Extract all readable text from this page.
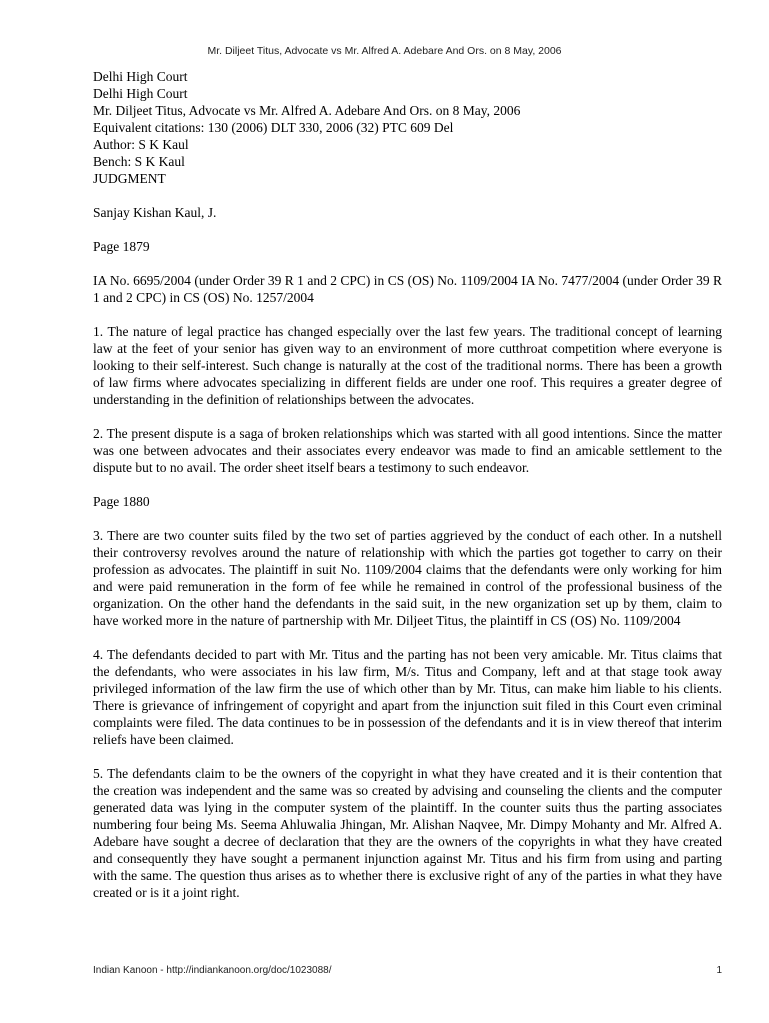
Mr. Diljeet Titus, Advocate vs Mr. Alfred A. Adebare And Ors. on 8 May, 2006
Delhi High Court
Delhi High Court
Mr. Diljeet Titus, Advocate vs Mr. Alfred A. Adebare And Ors. on 8 May, 2006
Equivalent citations: 130 (2006) DLT 330, 2006 (32) PTC 609 Del
Author: S K Kaul
Bench: S K Kaul
JUDGMENT

Sanjay Kishan Kaul, J.

Page 1879

IA No. 6695/2004 (under Order 39 R 1 and 2 CPC) in CS (OS) No. 1109/2004 IA No. 7477/2004 (under Order 39 R 1 and 2 CPC) in CS (OS) No. 1257/2004

1. The nature of legal practice has changed especially over the last few years. The traditional concept of learning law at the feet of your senior has given way to an environment of more cutthroat competition where everyone is looking to their self-interest. Such change is naturally at the cost of the traditional norms. There has been a growth of law firms where advocates specializing in different fields are under one roof. This requires a greater degree of understanding in the definition of relationships between the advocates.

2. The present dispute is a saga of broken relationships which was started with all good intentions. Since the matter was one between advocates and their associates every endeavor was made to find an amicable settlement to the dispute but to no avail. The order sheet itself bears a testimony to such endeavor.

Page 1880

3. There are two counter suits filed by the two set of parties aggrieved by the conduct of each other. In a nutshell their controversy revolves around the nature of relationship with which the parties got together to carry on their profession as advocates. The plaintiff in suit No. 1109/2004 claims that the defendants were only working for him and were paid remuneration in the form of fee while he remained in control of the professional business of the organization. On the other hand the defendants in the said suit, in the new organization set up by them, claim to have worked more in the nature of partnership with Mr. Diljeet Titus, the plaintiff in CS (OS) No. 1109/2004

4. The defendants decided to part with Mr. Titus and the parting has not been very amicable. Mr. Titus claims that the defendants, who were associates in his law firm, M/s. Titus and Company, left and at that stage took away privileged information of the law firm the use of which other than by Mr. Titus, can make him liable to his clients. There is grievance of infringement of copyright and apart from the injunction suit filed in this Court even criminal complaints were filed. The data continues to be in possession of the defendants and it is in view thereof that interim reliefs have been claimed.

5. The defendants claim to be the owners of the copyright in what they have created and it is their contention that the creation was independent and the same was so created by advising and counseling the clients and the computer generated data was lying in the computer system of the plaintiff. In the counter suits thus the parting associates numbering four being Ms. Seema Ahluwalia Jhingan, Mr. Alishan Naqvee, Mr. Dimpy Mohanty and Mr. Alfred A. Adebare have sought a decree of declaration that they are the owners of the copyrights in what they have created and consequently they have sought a permanent injunction against Mr. Titus and his firm from using and parting with the same. The question thus arises as to whether there is exclusive right of any of the parties in what they have created or is it a joint right.

Indian Kanoon - http://indiankanoon.org/doc/1023088/	1
